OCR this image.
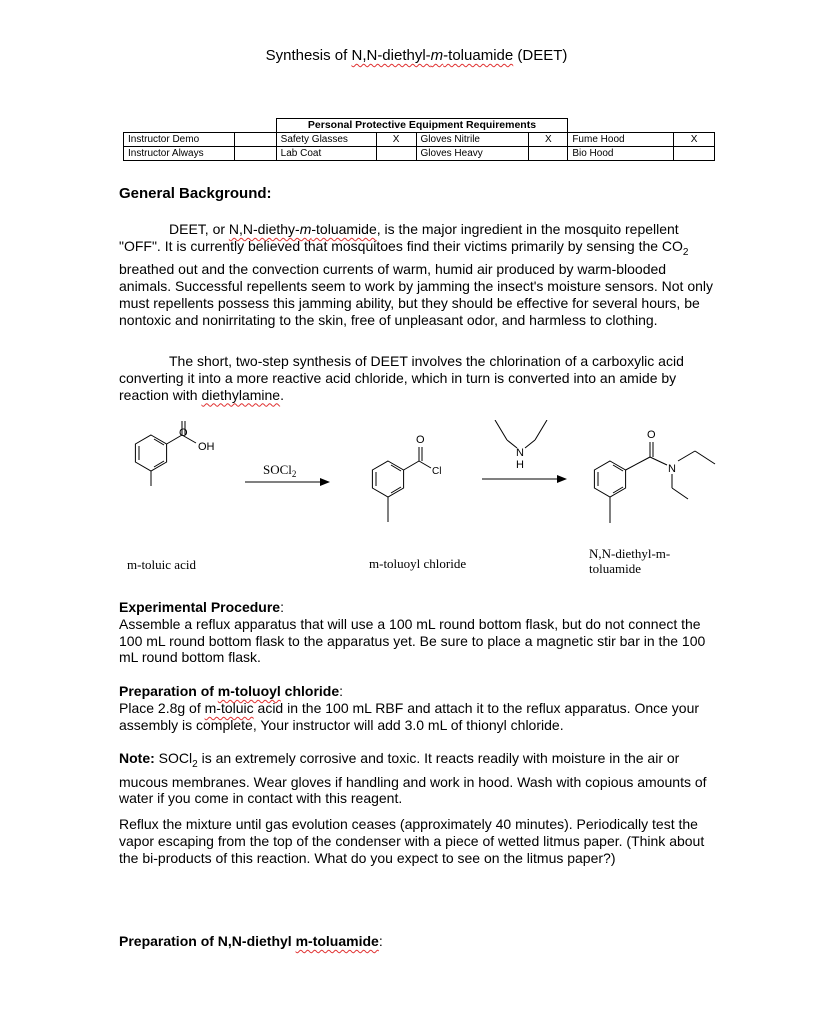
Synthesis of N,N-diethyl-m-toluamide (DEET)
		Personal Protective Equipment Requirements					
Instructor Demo		Safety Glasses	X	Gloves Nitrile	X	Fume Hood	X
Instructor Always		Lab Coat		Gloves Heavy		Bio Hood	
General Background:
DEET, or N,N-diethy-m-toluamide, is the major ingredient in the mosquito repellent "OFF". It is currently believed that mosquitoes find their victims primarily by sensing the $CO_2$ breathed out and the convection currents of warm, humid air produced by warm-blooded animals. Successful repellents seem to work by jamming the insect's moisture sensors. Not only must repellents possess this jamming ability, but they should be effective for several hours, be nontoxic and nonirritating to the skin, free of unpleasant odor, and harmless to clothing.
The short, two-step synthesis of DEET involves the chlorination of a carboxylic acid converting it into a more reactive acid chloride, which in turn is converted into an amide by reaction with diethylamine.
O
OH
O
Cl
N
H
O
N
SOCl$_2$
m-toluic acid	m-toluoyl chloride
N,N-diethyl-m-
toluamide
Experimental Procedure:
Assemble a reflux apparatus that will use a 100 mL round bottom flask, but do not connect the 100 mL round bottom flask to the apparatus yet. Be sure to place a magnetic stir bar in the 100 mL round bottom flask.
Preparation of m-toluoyl chloride:
Place 2.8g of m-toluic acid in the 100 mL RBF and attach it to the reflux apparatus. Once your assembly is complete, Your instructor will add 3.0 mL of thionyl chloride.
Note: SOCl$_2$ is an extremely corrosive and toxic. It reacts readily with moisture in the air or mucous membranes. Wear gloves if handling and work in hood. Wash with copious amounts of water if you come in contact with this reagent.
Reflux the mixture until gas evolution ceases (approximately 40 minutes). Periodically test the vapor escaping from the top of the condenser with a piece of wetted litmus paper. (Think about the bi-products of this reaction. What do you expect to see on the litmus paper?)
Preparation of N,N-diethyl m-toluamide:
